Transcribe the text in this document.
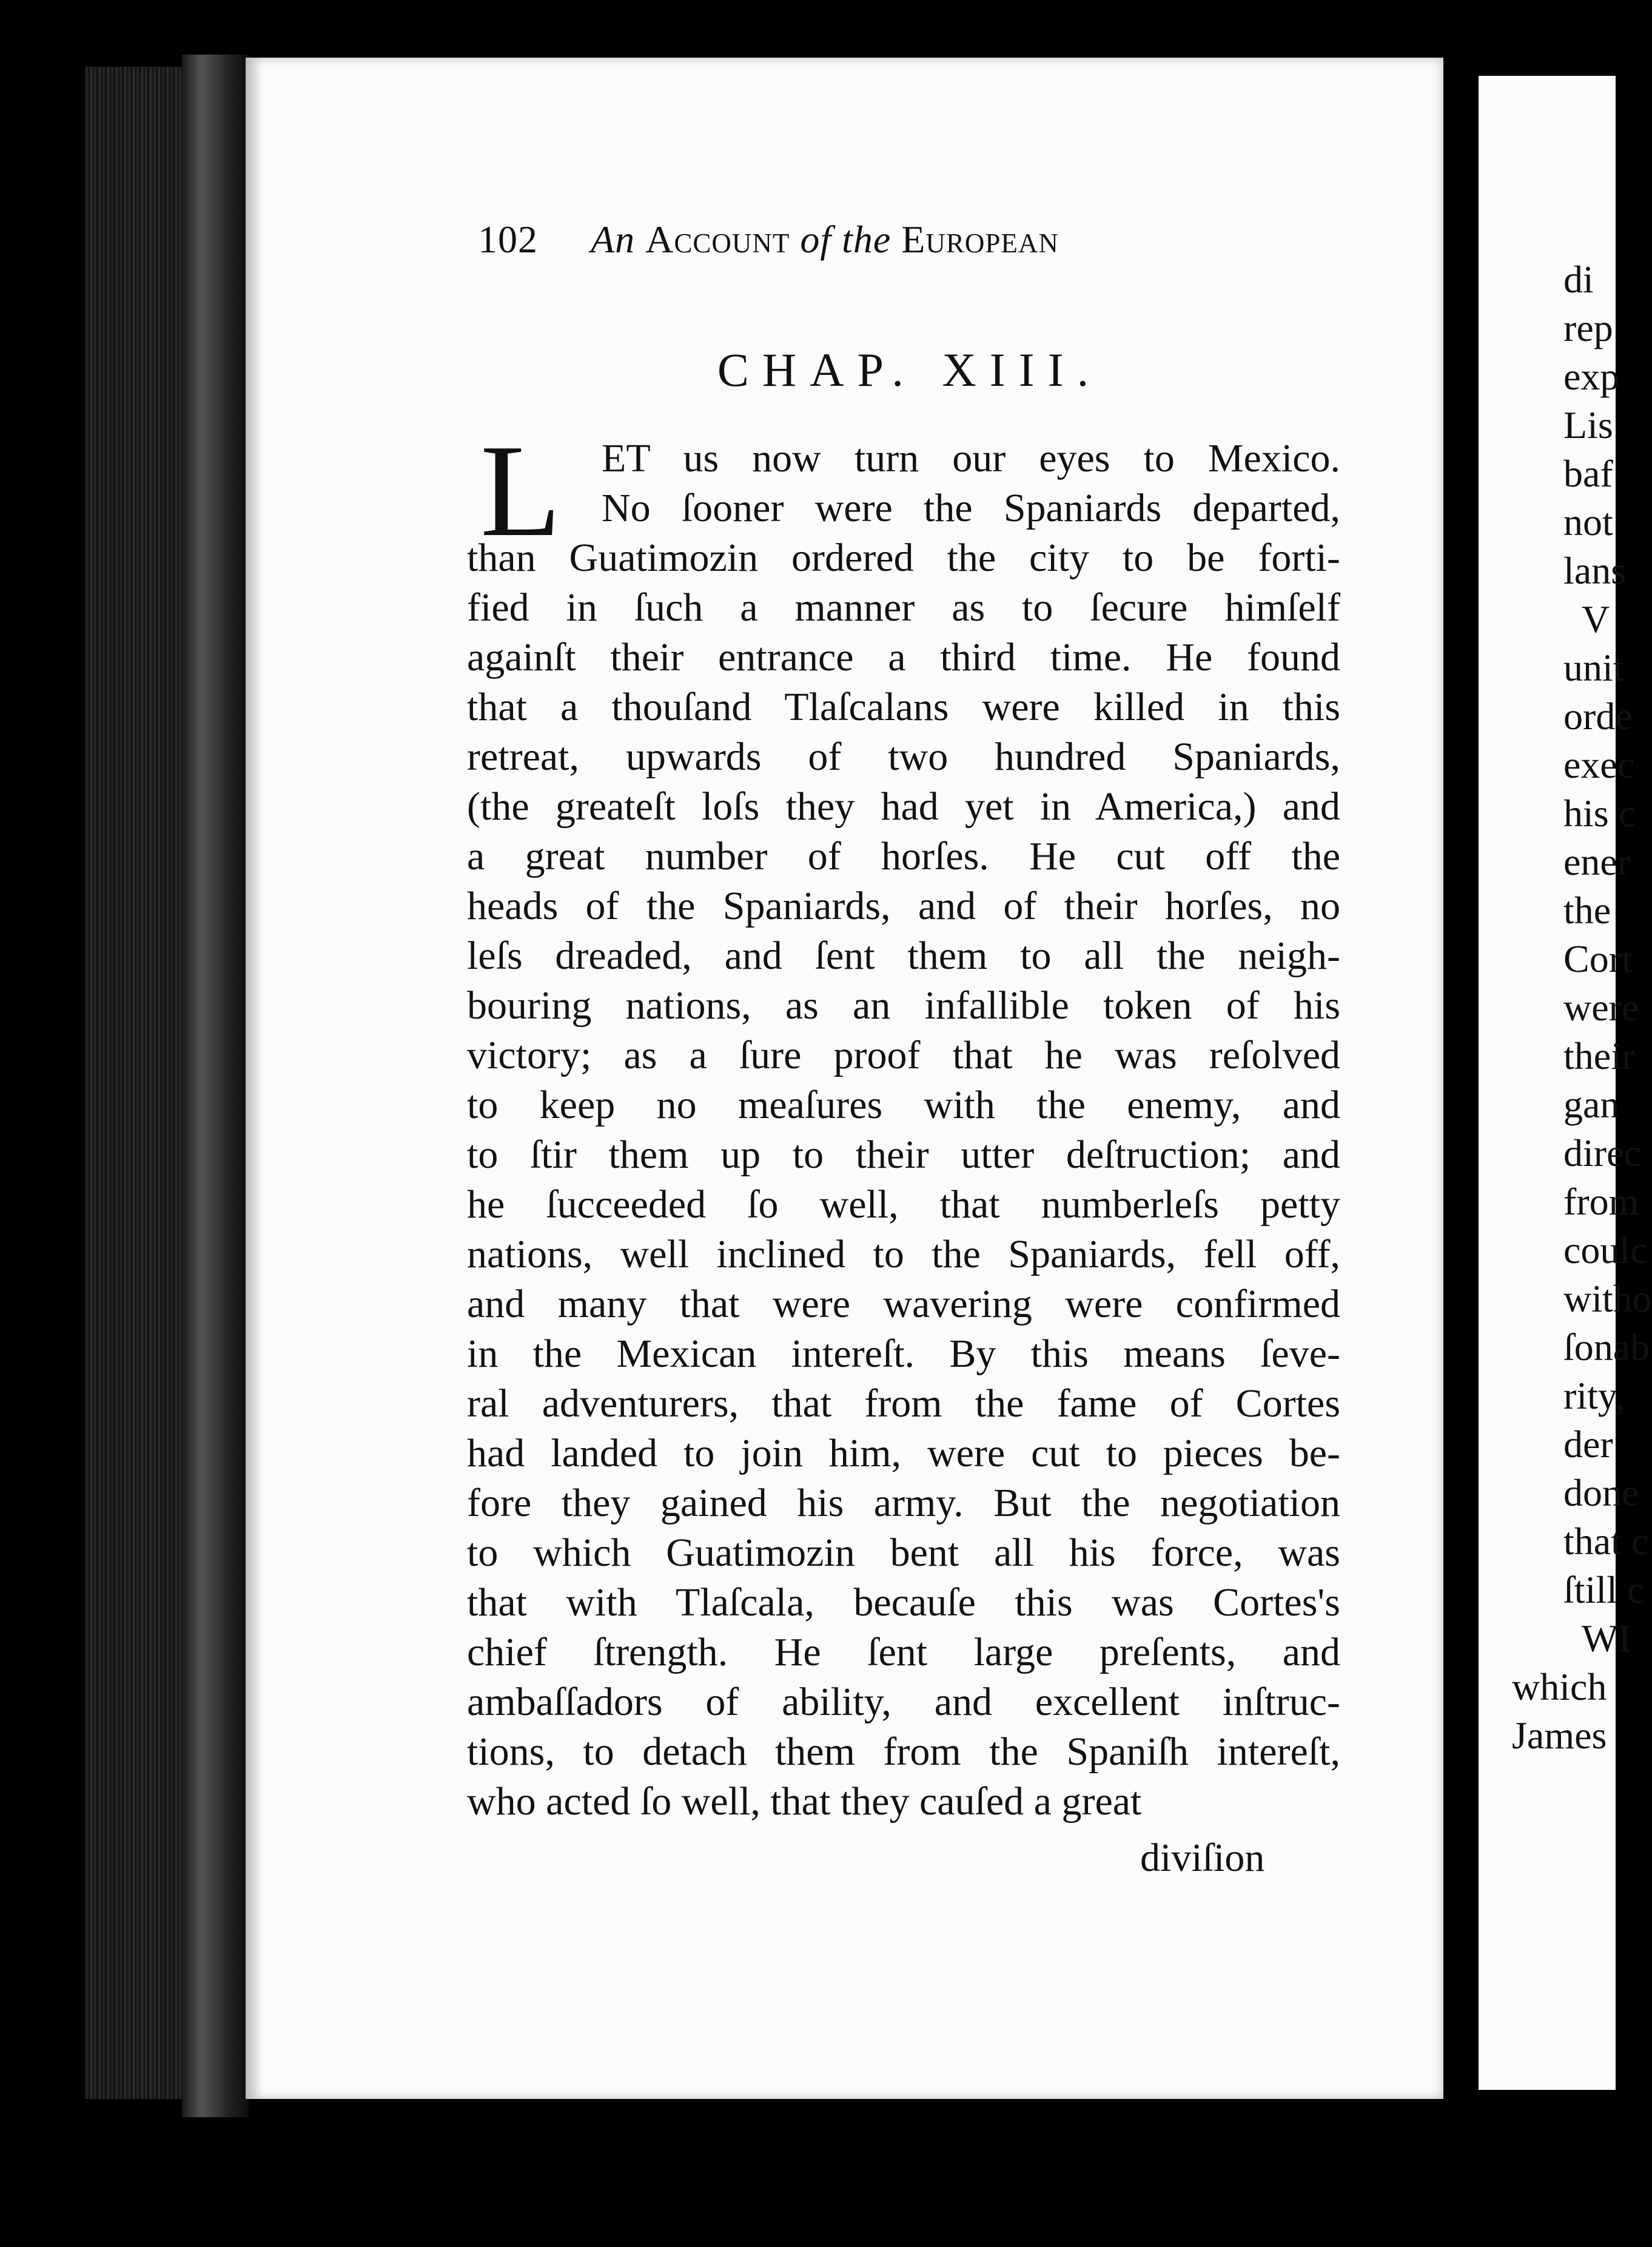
di
rep
exp
Lis
baf
not
lans
V
unit
orde
exec
his c
ener
the
Cort
were
their
gan
direc
from
coulc
witho
ſonab
rity,
der
done
that c
ſtill c
WI
which
James
102 An Account of the European
CHAP. XIII.
L ET us now turn our eyes to Mexico.
No ſooner were the Spaniards departed,
than Guatimozin ordered the city to be forti-
fied in ſuch a manner as to ſecure himſelf
againſt their entrance a third time. He found
that a thouſand Tlaſcalans were killed in this
retreat, upwards of two hundred Spaniards,
(the greateſt loſs they had yet in America,) and
a great number of horſes. He cut off the
heads of the Spaniards, and of their horſes, no
leſs dreaded, and ſent them to all the neigh-
bouring nations, as an infallible token of his
victory; as a ſure proof that he was reſolved
to keep no meaſures with the enemy, and
to ſtir them up to their utter deſtruction; and
he ſucceeded ſo well, that numberleſs petty
nations, well inclined to the Spaniards, fell off,
and many that were wavering were confirmed
in the Mexican intereſt. By this means ſeve-
ral adventurers, that from the fame of Cortes
had landed to join him, were cut to pieces be-
fore they gained his army. But the negotiation
to which Guatimozin bent all his force, was
that with Tlaſcala, becauſe this was Cortes's
chief ſtrength. He ſent large preſents, and
ambaſſadors of ability, and excellent inſtruc-
tions, to detach them from the Spaniſh intereſt,
who acted ſo well, that they cauſed a great
diviſion
